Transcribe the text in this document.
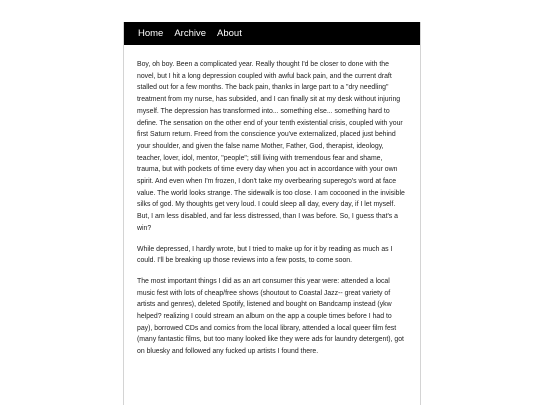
Home Archive About

Boy, oh boy. Been a complicated year. Really thought I'd be closer to done with the novel, but I hit a long depression coupled with awful back pain, and the current draft stalled out for a few months. The back pain, thanks in large part to a "dry needling" treatment from my nurse, has subsided, and I can finally sit at my desk without injuring myself. The depression has transformed into... something else... something hard to define. The sensation on the other end of your tenth existential crisis, coupled with your first Saturn return. Freed from the conscience you've externalized, placed just behind your shoulder, and given the false name Mother, Father, God, therapist, ideology, teacher, lover, idol, mentor, "people"; still living with tremendous fear and shame, trauma, but with pockets of time every day when you act in accordance with your own spirit. And even when I'm frozen, I don't take my overbearing superego's word at face value. The world looks strange. The sidewalk is too close. I am cocooned in the invisible silks of god. My thoughts get very loud. I could sleep all day, every day, if I let myself. But, I am less disabled, and far less distressed, than I was before. So, I guess that's a win?

While depressed, I hardly wrote, but I tried to make up for it by reading as much as I could. I'll be breaking up those reviews into a few posts, to come soon.

The most important things I did as an art consumer this year were: attended a local music fest with lots of cheap/free shows (shoutout to Coastal Jazz-- great variety of artists and genres), deleted Spotify, listened and bought on Bandcamp instead (ykw helped? realizing I could stream an album on the app a couple times before I had to pay), borrowed CDs and comics from the local library, attended a local queer film fest (many fantastic films, but too many looked like they were ads for laundry detergent), got on bluesky and followed any fucked up artists I found there.
